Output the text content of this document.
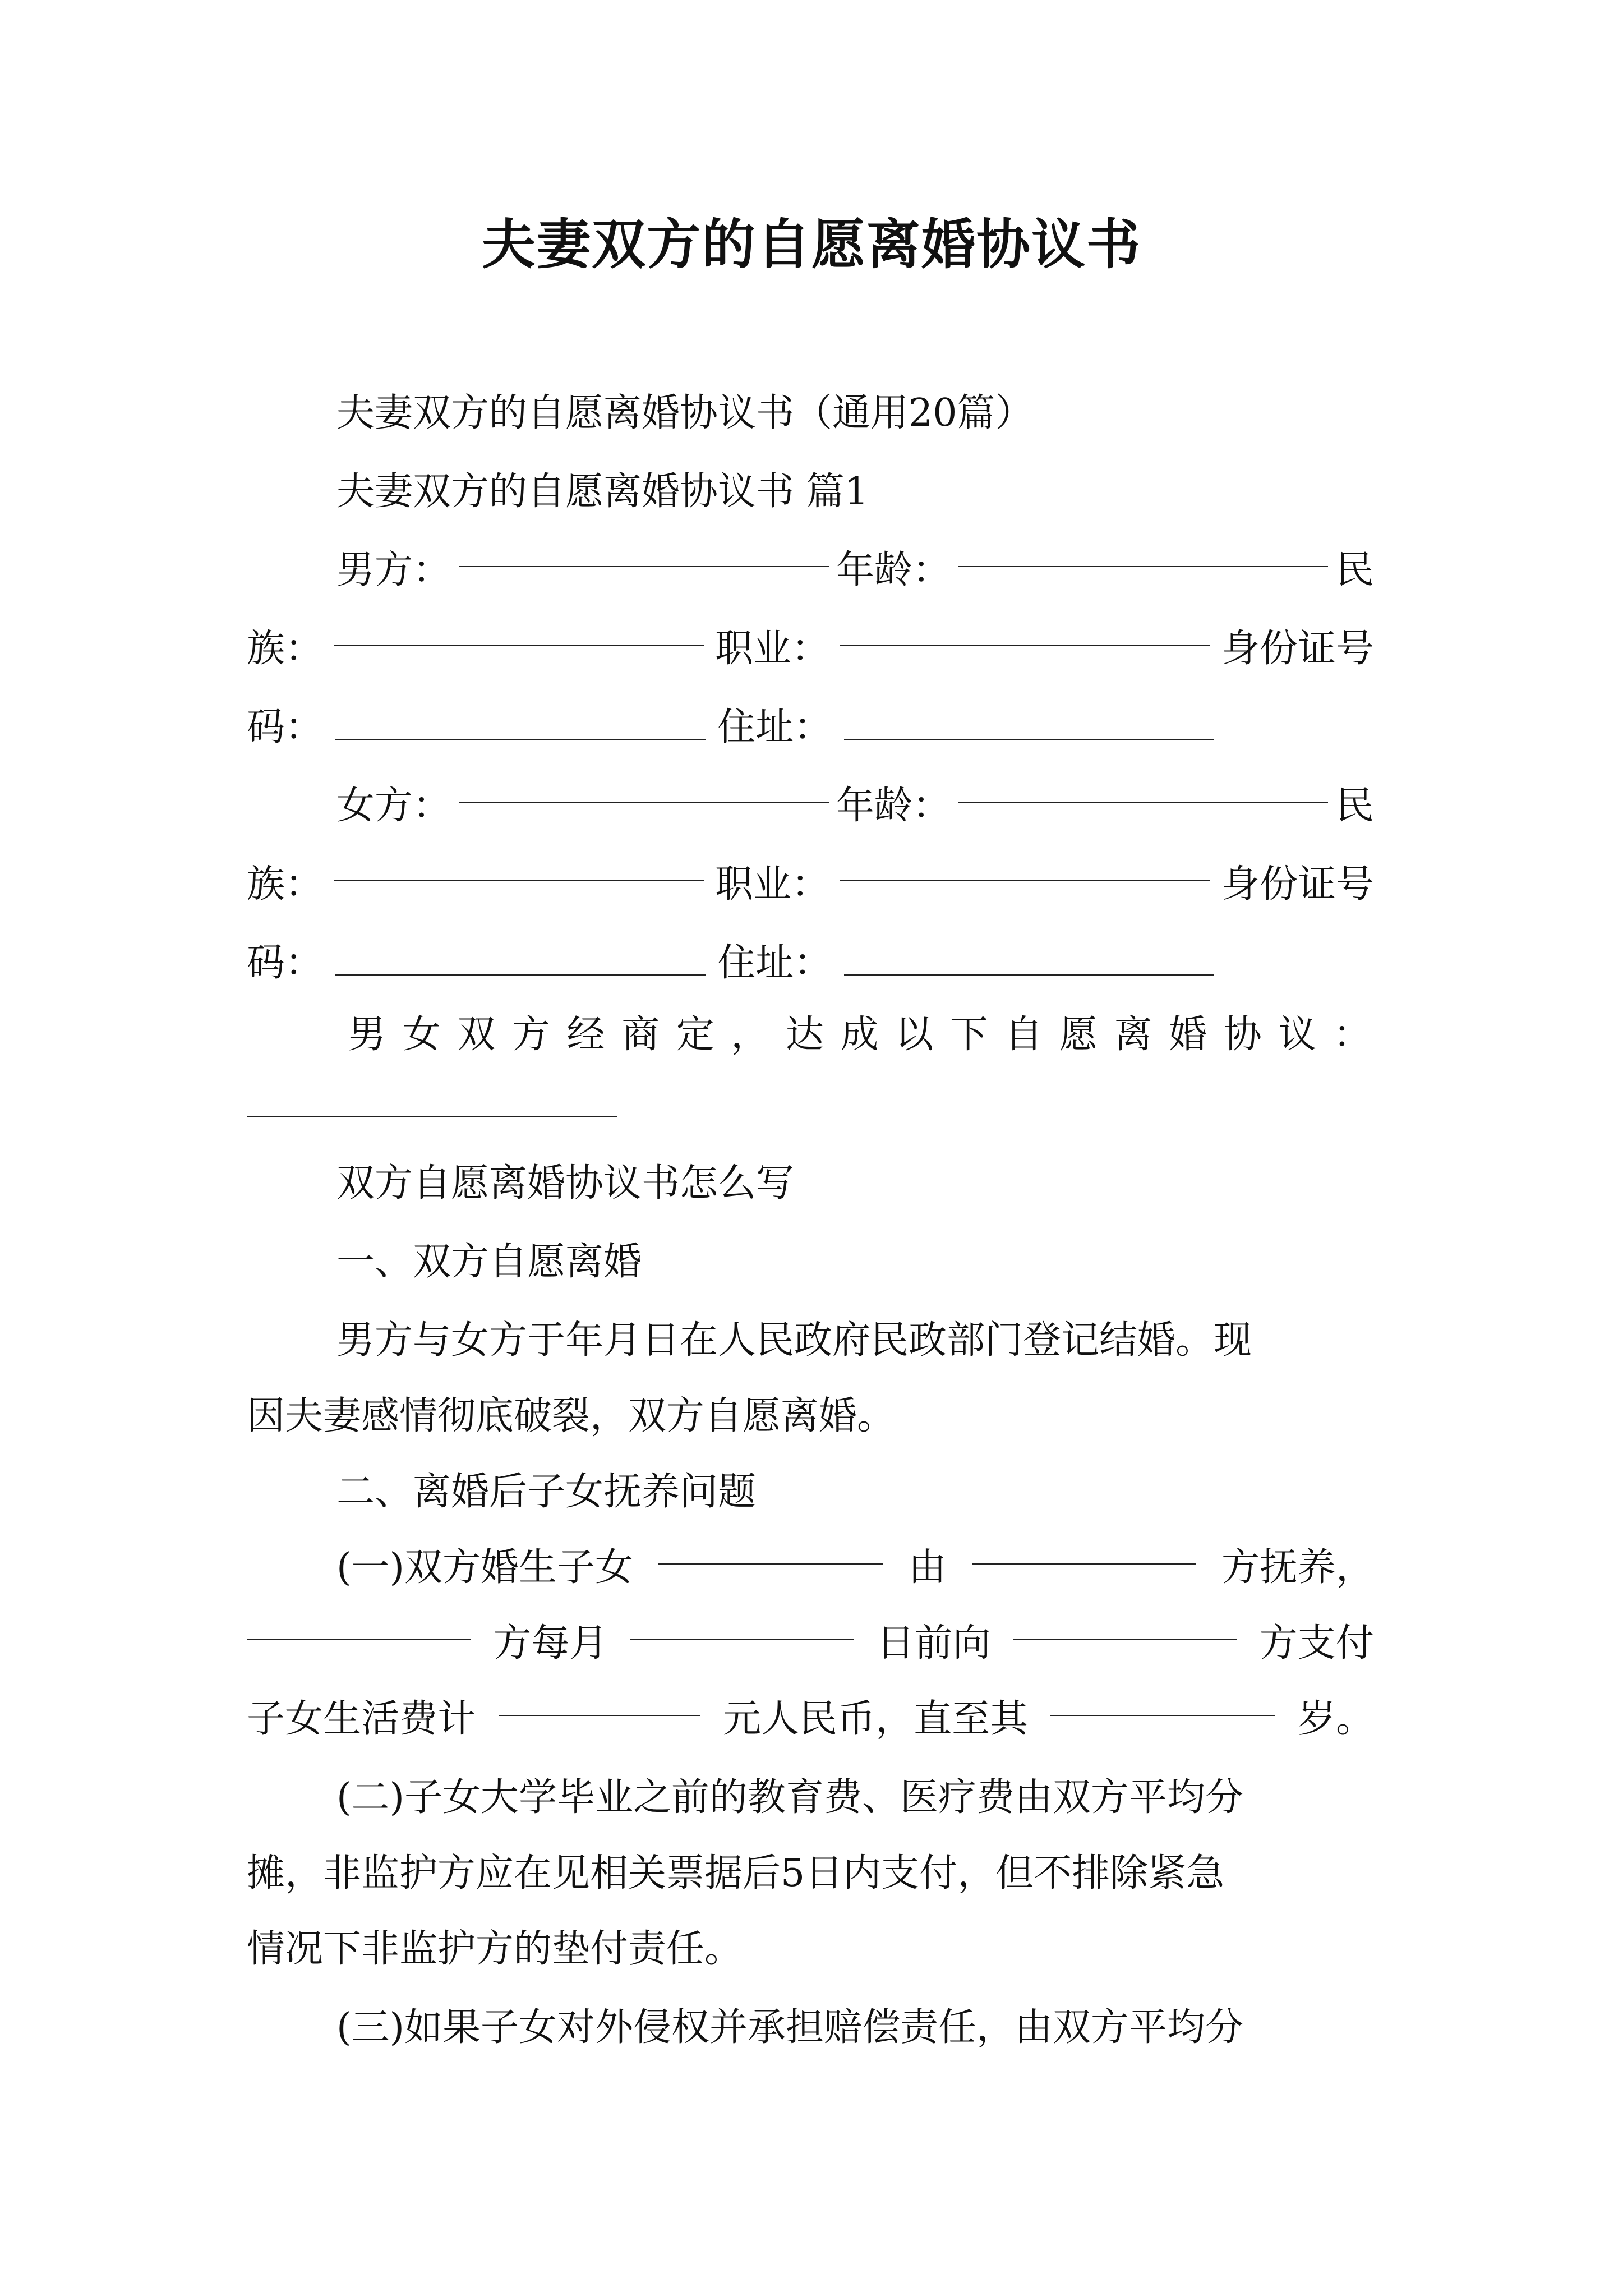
夫妻双方的自愿离婚协议书
夫妻双方的自愿离婚协议书（通用20篇）
夫妻双方的自愿离婚协议书 篇1
男方：	年龄：	民
族：	职业：	身份证号
码：	住址：
女方：	年龄：	民
族：	职业：	身份证号
码：	住址：
男 女 双 方 经 商 定 ， 达 成 以 下 自 愿 离 婚 协 议 ：
双方自愿离婚协议书怎么写
一、双方自愿离婚
男方与女方于年月日在人民政府民政部门登记结婚。现
因夫妻感情彻底破裂，双方自愿离婚。
二、离婚后子女抚养问题
(一)双方婚生子女	由	方抚养，
方每月	日前向	方支付
子女生活费计	元人民币，直至其	岁。
(二)子女大学毕业之前的教育费、医疗费由双方平均分
摊，非监护方应在见相关票据后5日内支付，但不排除紧急
情况下非监护方的垫付责任。
(三)如果子女对外侵权并承担赔偿责任，由双方平均分
